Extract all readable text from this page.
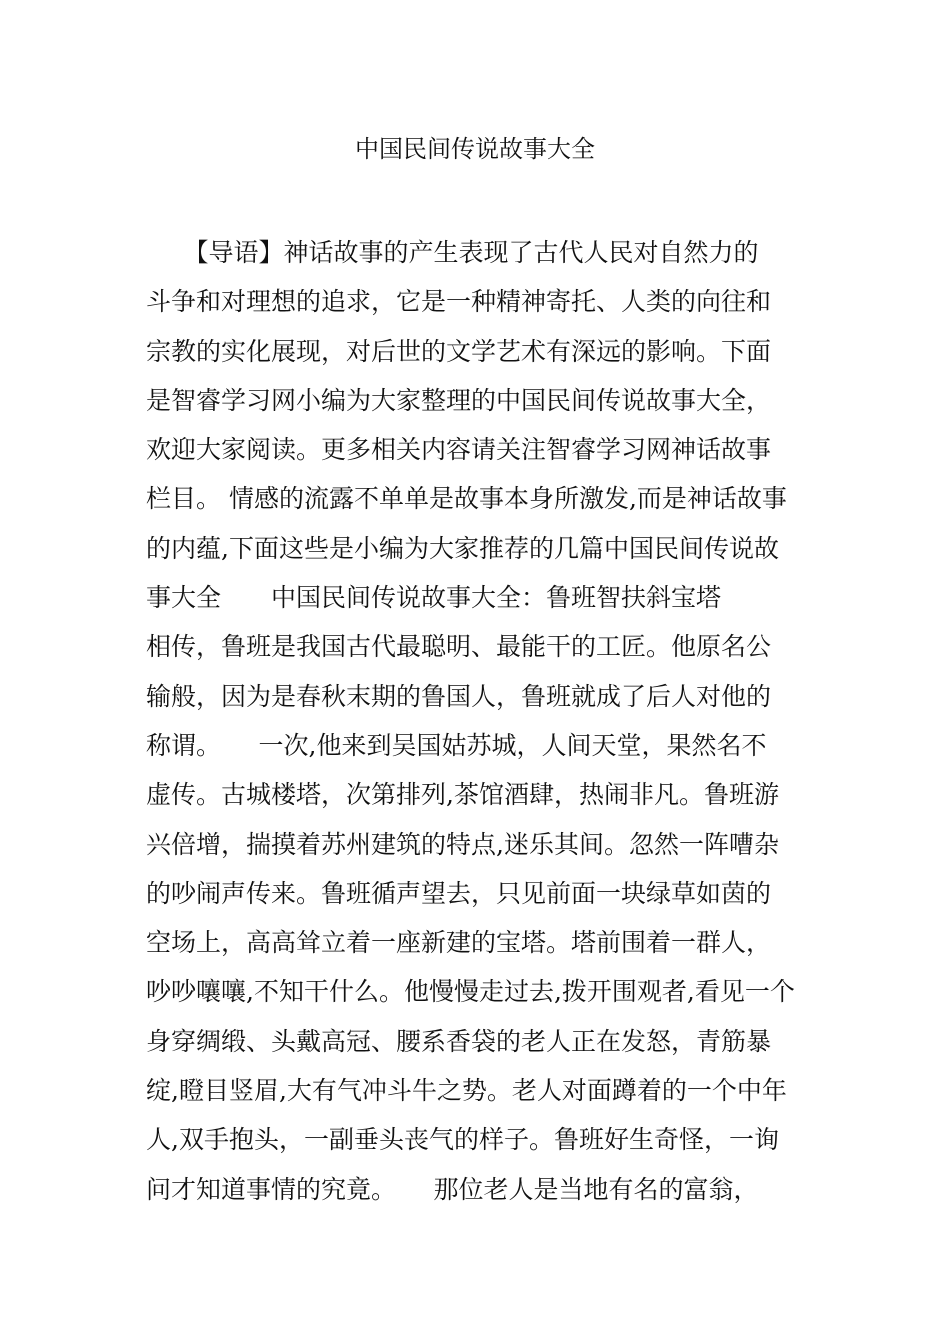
中国民间传说故事大全
　　【导语】神话故事的产生表现了古代人民对自然力的
斗争和对理想的追求，它是一种精神寄托、人类的向往和
宗教的实化展现，对后世的文学艺术有深远的影响。下面
是智睿学习网小编为大家整理的中国民间传说故事大全，
欢迎大家阅读。更多相关内容请关注智睿学习网神话故事
栏目。 情感的流露不单单是故事本身所激发,而是神话故事
的内蕴,下面这些是小编为大家推荐的几篇中国民间传说故
事大全　　中国民间传说故事大全：鲁班智扶斜宝塔
相传，鲁班是我国古代最聪明、最能干的工匠。他原名公
输般，因为是春秋末期的鲁国人，鲁班就成了后人对他的
称谓。　　一次,他来到吴国姑苏城，人间天堂，果然名不
虚传。古城楼塔，次第排列,茶馆酒肆，热闹非凡。鲁班游
兴倍增，揣摸着苏州建筑的特点,迷乐其间。忽然一阵嘈杂
的吵闹声传来。鲁班循声望去，只见前面一块绿草如茵的
空场上，高高耸立着一座新建的宝塔。塔前围着一群人，
吵吵嚷嚷,不知干什么。他慢慢走过去,拨开围观者,看见一个
身穿绸缎、头戴高冠、腰系香袋的老人正在发怒，青筋暴
绽,瞪目竖眉,大有气冲斗牛之势。老人对面蹲着的一个中年
人,双手抱头，一副垂头丧气的样子。鲁班好生奇怪，一询
问才知道事情的究竟。　　那位老人是当地有名的富翁，
